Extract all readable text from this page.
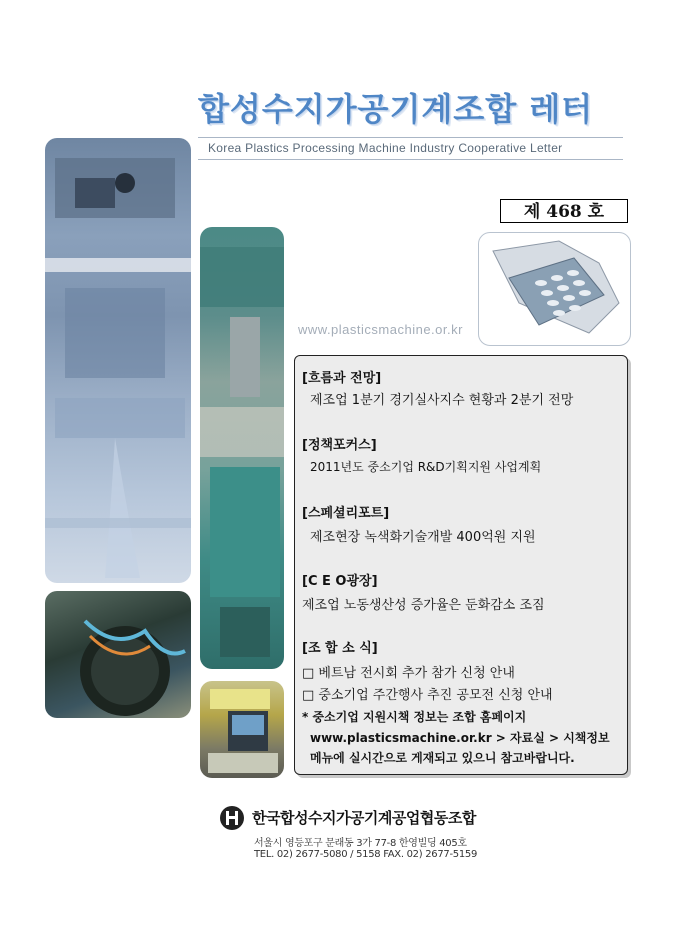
합성수지가공기계조합 레터
Korea Plastics Processing Machine Industry Cooperative Letter
제 468 호
www.plasticsmachine.or.kr
[흐름과 전망]
제조업 1분기 경기실사지수 현황과 2분기 전망
[정책포커스]
2011년도 중소기업 R&D기획지원 사업계획
[스페셜리포트]
제조현장 녹색화기술개발 400억원 지원
[C E O광장]
제조업 노동생산성 증가율은 둔화감소 조짐
[조 합 소 식]
□ 베트남 전시회 추가 참가 신청 안내
□ 중소기업 주간행사 추진 공모전 신청 안내
* 중소기업 지원시책 정보는 조합 홈페이지
www.plasticsmachine.or.kr > 자료실 > 시책정보
메뉴에 실시간으로 게재되고 있으니 참고바랍니다.
한국합성수지가공기계공업협동조합
서울시 영등포구 문래동 3가 77-8 한영빌딩 405호
TEL. 02) 2677-5080 / 5158 FAX. 02) 2677-5159
